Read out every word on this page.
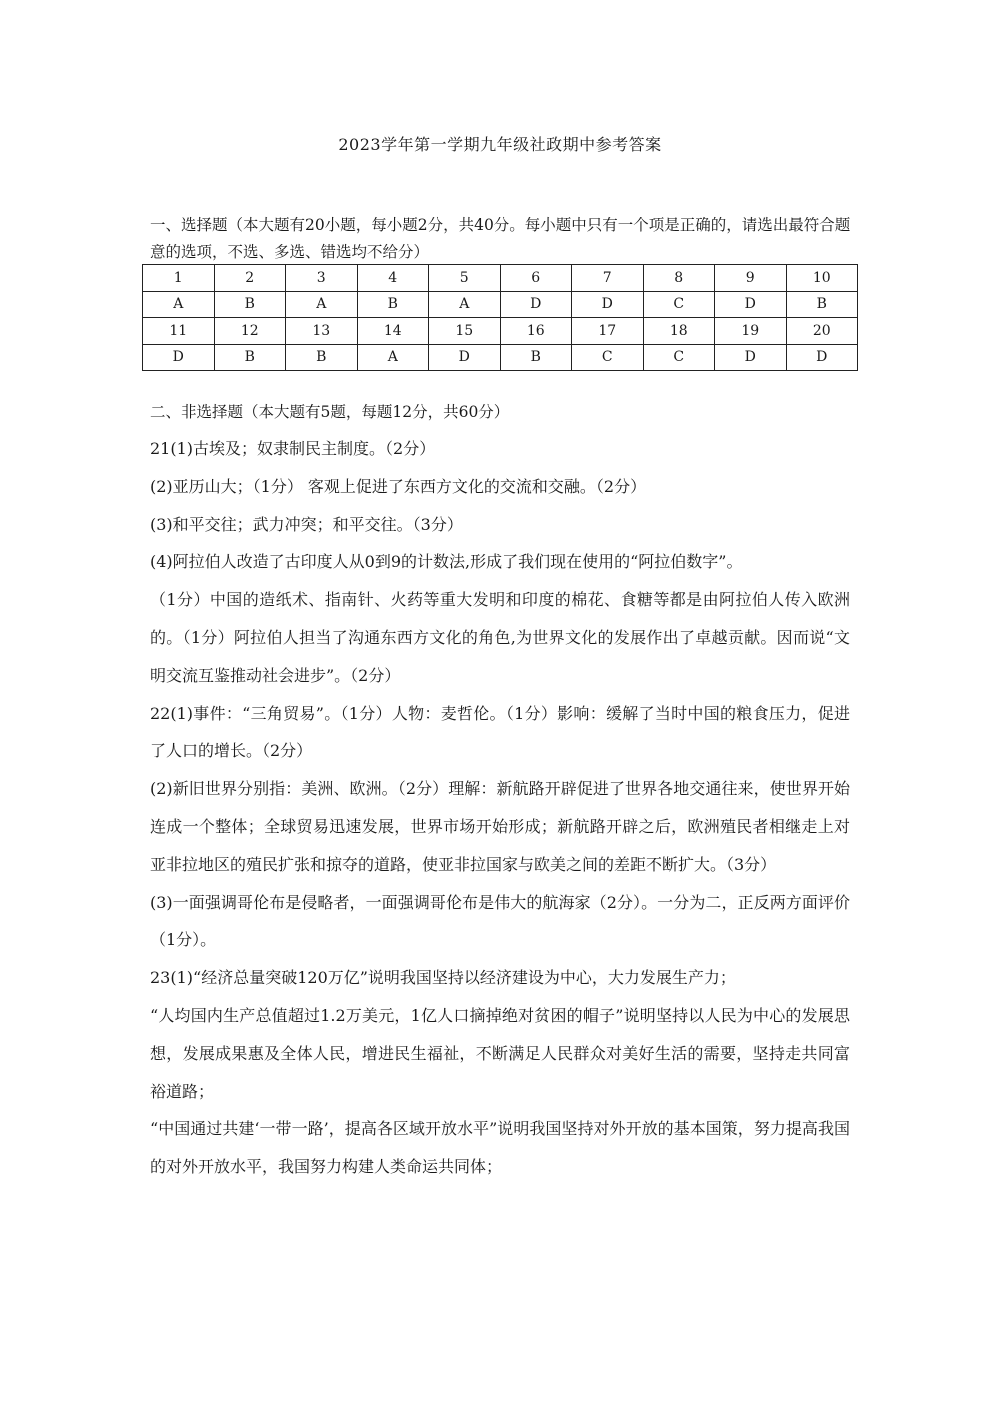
2023学年第一学期九年级社政期中参考答案
一、选择题（本大题有20小题，每小题2分，共40分。每小题中只有一个项是正确的，请选出最符合题意的选项，不选、多选、错选均不给分）
1	2	3	4	5	6	7	8	9	10
A	B	A	B	A	D	D	C	D	B
11	12	13	14	15	16	17	18	19	20
D	B	B	A	D	B	C	C	D	D
二、非选择题（本大题有5题，每题12分，共60分）

21(1)古埃及；奴隶制民主制度。（2分）

(2)亚历山大；（1分） 客观上促进了东西方文化的交流和交融。（2分）

(3)和平交往；武力冲突；和平交往。（3分）

(4)阿拉伯人改造了古印度人从0到9的计数法,形成了我们现在使用的“阿拉伯数字”。

（1分）中国的造纸术、指南针、火药等重大发明和印度的棉花、食糖等都是由阿拉伯人传入欧洲的。（1分）阿拉伯人担当了沟通东西方文化的角色,为世界文化的发展作出了卓越贡献。因而说“文明交流互鉴推动社会进步”。（2分）

22(1)事件：“三角贸易”。（1分）人物：麦哲伦。（1分）影响：缓解了当时中国的粮食压力，促进了人口的增长。（2分）

(2)新旧世界分别指：美洲、欧洲。（2分）理解：新航路开辟促进了世界各地交通往来，使世界开始连成一个整体；全球贸易迅速发展，世界市场开始形成；新航路开辟之后，欧洲殖民者相继走上对亚非拉地区的殖民扩张和掠夺的道路，使亚非拉国家与欧美之间的差距不断扩大。（3分）

(3)一面强调哥伦布是侵略者，一面强调哥伦布是伟大的航海家（2分）。一分为二，正反两方面评价（1分）。

23(1)“经济总量突破120万亿”说明我国坚持以经济建设为中心，大力发展生产力；

“人均国内生产总值超过1.2万美元，1亿人口摘掉绝对贫困的帽子”说明坚持以人民为中心的发展思想，发展成果惠及全体人民，增进民生福祉，不断满足人民群众对美好生活的需要，坚持走共同富裕道路；

“中国通过共建‘一带一路’，提高各区域开放水平”说明我国坚持对外开放的基本国策，努力提高我国的对外开放水平，我国努力构建人类命运共同体；
